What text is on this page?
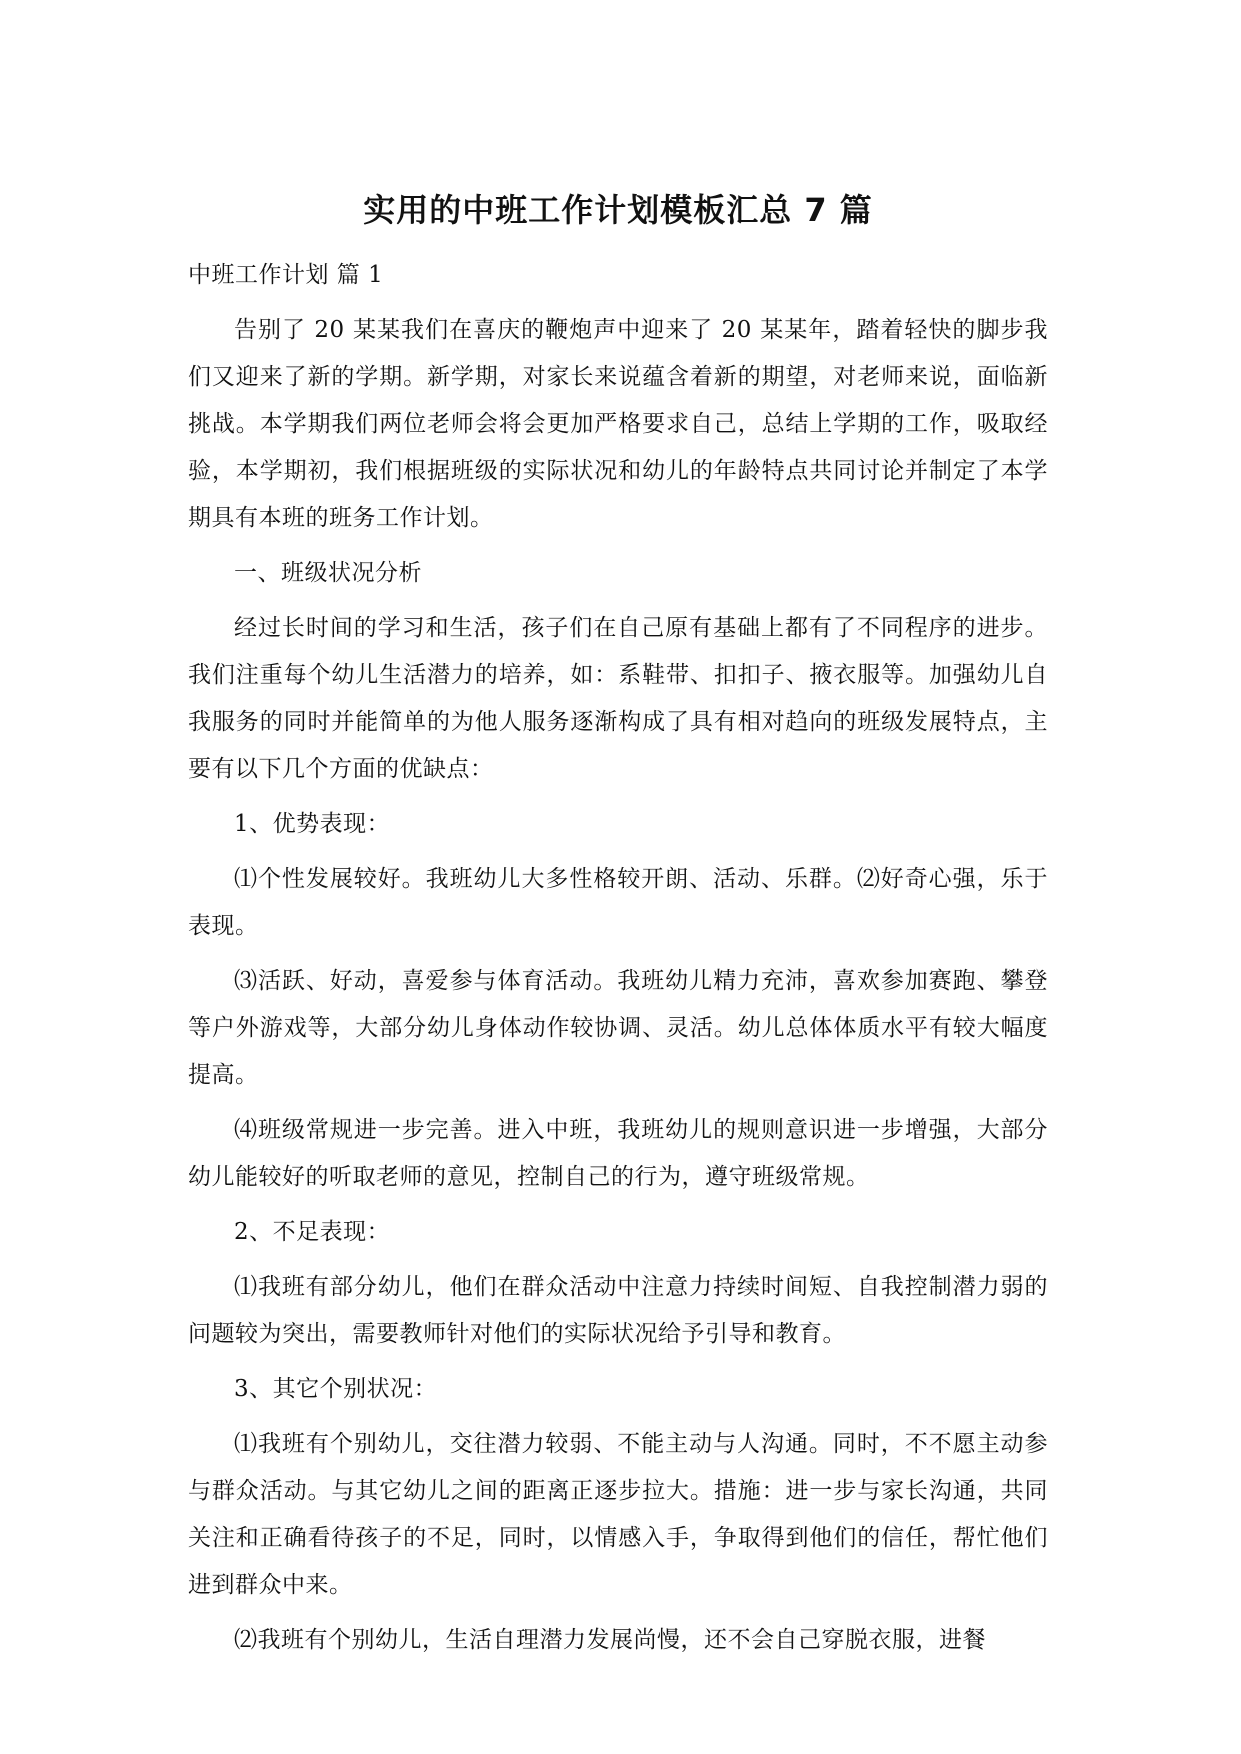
实用的中班工作计划模板汇总 7 篇

中班工作计划 篇 1

告别了 20 某某我们在喜庆的鞭炮声中迎来了 20 某某年，踏着轻快的脚步我们又迎来了新的学期。新学期，对家长来说蕴含着新的期望，对老师来说，面临新挑战。本学期我们两位老师会将会更加严格要求自己，总结上学期的工作，吸取经验，本学期初，我们根据班级的实际状况和幼儿的年龄特点共同讨论并制定了本学期具有本班的班务工作计划。

一、班级状况分析

经过长时间的学习和生活，孩子们在自己原有基础上都有了不同程序的进步。我们注重每个幼儿生活潜力的培养，如：系鞋带、扣扣子、掖衣服等。加强幼儿自我服务的同时并能简单的为他人服务逐渐构成了具有相对趋向的班级发展特点，主要有以下几个方面的优缺点：

1、优势表现：

⑴个性发展较好。我班幼儿大多性格较开朗、活动、乐群。⑵好奇心强，乐于表现。

⑶活跃、好动，喜爱参与体育活动。我班幼儿精力充沛，喜欢参加赛跑、攀登等户外游戏等，大部分幼儿身体动作较协调、灵活。幼儿总体体质水平有较大幅度提高。

⑷班级常规进一步完善。进入中班，我班幼儿的规则意识进一步增强，大部分幼儿能较好的听取老师的意见，控制自己的行为，遵守班级常规。

2、不足表现：

⑴我班有部分幼儿，他们在群众活动中注意力持续时间短、自我控制潜力弱的问题较为突出，需要教师针对他们的实际状况给予引导和教育。

3、其它个别状况：

⑴我班有个别幼儿，交往潜力较弱、不能主动与人沟通。同时，不不愿主动参与群众活动。与其它幼儿之间的距离正逐步拉大。措施：进一步与家长沟通，共同关注和正确看待孩子的不足，同时，以情感入手，争取得到他们的信任，帮忙他们进到群众中来。

⑵我班有个别幼儿，生活自理潜力发展尚慢，还不会自己穿脱衣服，进餐
